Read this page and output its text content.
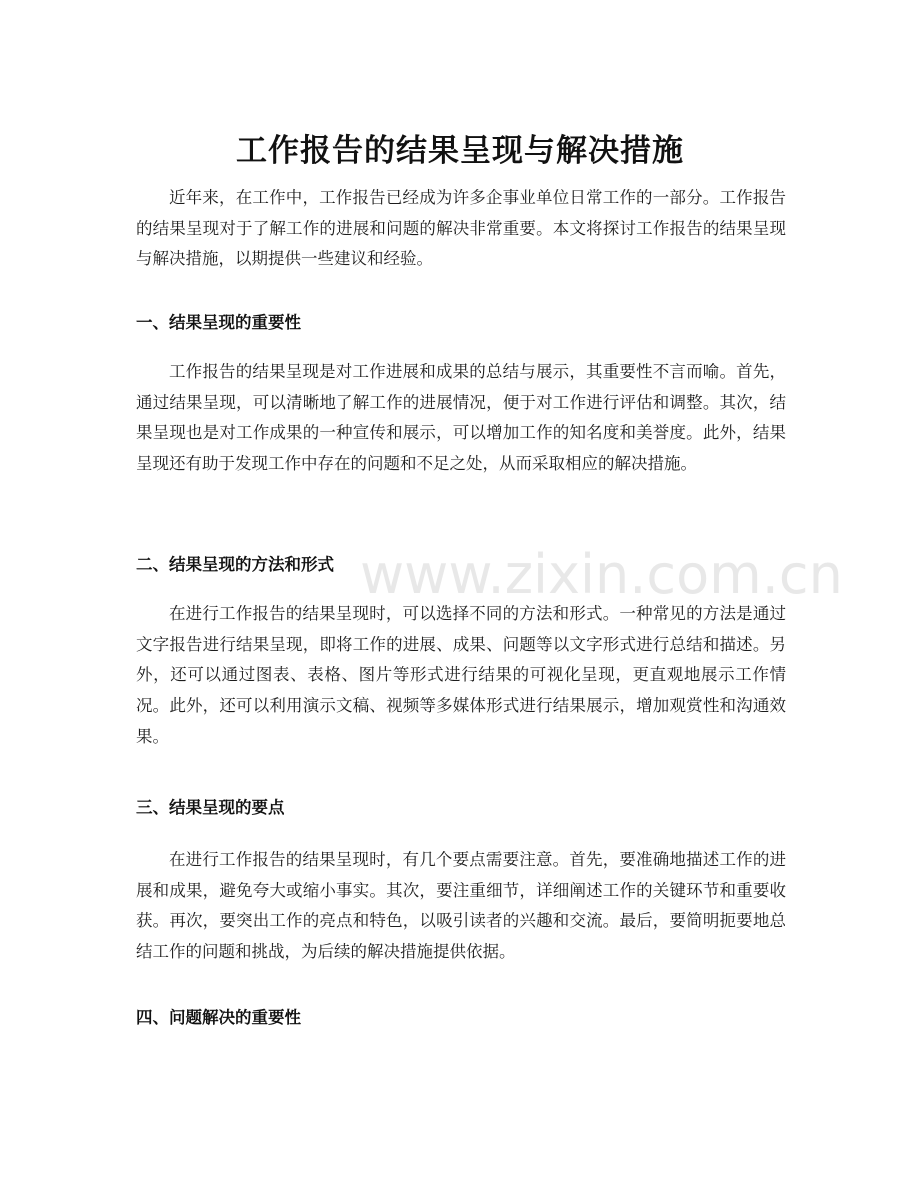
工作报告的结果呈现与解决措施

近年来，在工作中，工作报告已经成为许多企事业单位日常工作的一部分。工作报告的结果呈现对于了解工作的进展和问题的解决非常重要。本文将探讨工作报告的结果呈现与解决措施，以期提供一些建议和经验。

一、结果呈现的重要性

工作报告的结果呈现是对工作进展和成果的总结与展示，其重要性不言而喻。首先，通过结果呈现，可以清晰地了解工作的进展情况，便于对工作进行评估和调整。其次，结果呈现也是对工作成果的一种宣传和展示，可以增加工作的知名度和美誉度。此外，结果呈现还有助于发现工作中存在的问题和不足之处，从而采取相应的解决措施。

二、结果呈现的方法和形式

在进行工作报告的结果呈现时，可以选择不同的方法和形式。一种常见的方法是通过文字报告进行结果呈现，即将工作的进展、成果、问题等以文字形式进行总结和描述。另外，还可以通过图表、表格、图片等形式进行结果的可视化呈现，更直观地展示工作情况。此外，还可以利用演示文稿、视频等多媒体形式进行结果展示，增加观赏性和沟通效果。

三、结果呈现的要点

在进行工作报告的结果呈现时，有几个要点需要注意。首先，要准确地描述工作的进展和成果，避免夸大或缩小事实。其次，要注重细节，详细阐述工作的关键环节和重要收获。再次，要突出工作的亮点和特色，以吸引读者的兴趣和交流。最后，要简明扼要地总结工作的问题和挑战，为后续的解决措施提供依据。

四、问题解决的重要性
www.zixin.com.cn
